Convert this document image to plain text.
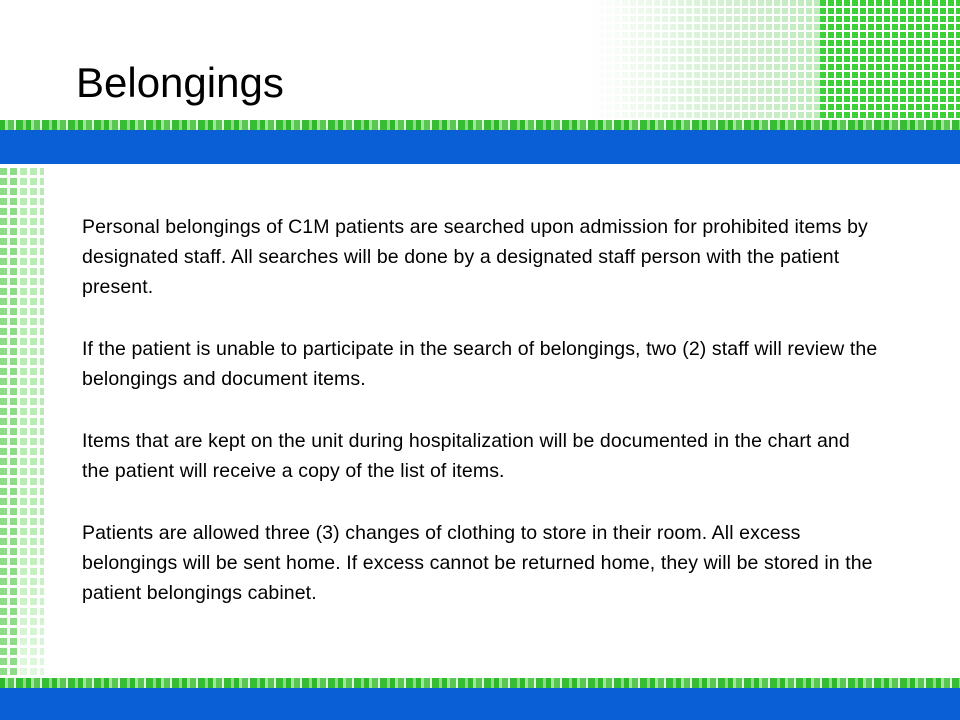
Belongings

Personal belongings of C1M patients are searched upon admission for prohibited items by designated staff. All searches will be done by a designated staff person with the patient present.

If the patient is unable to participate in the search of belongings, two (2) staff will review the belongings and document items.

Items that are kept on the unit during hospitalization will be documented in the chart and the patient will receive a copy of the list of items.

Patients are allowed three (3) changes of clothing to store in their room. All excess belongings will be sent home. If excess cannot be returned home, they will be stored in the patient belongings cabinet.
